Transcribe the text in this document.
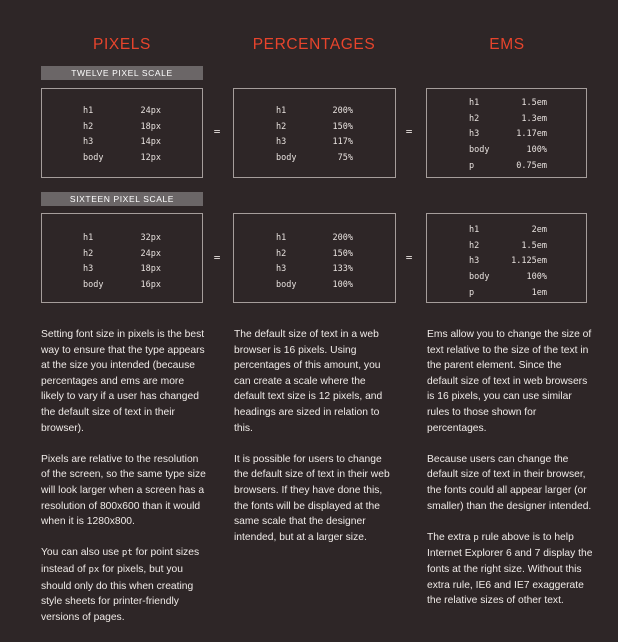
PIXELS	PERCENTAGES	EMS
TWELVE PIXEL SCALE
h1	24px
h2	18px
h3	14px
body	12px
=
h1	200%
h2	150%
h3	117%
body	75%
=
h1	1.5em
h2	1.3em
h3	1.17em
body	100%
p	0.75em
SIXTEEN PIXEL SCALE
h1	32px
h2	24px
h3	18px
body	16px
=
h1	200%
h2	150%
h3	133%
body	100%
=
h1	2em
h2	1.5em
h3	1.125em
body	100%
p	1em

Setting font size in pixels is the best way to ensure that the type appears at the size you intended (because percentages and ems are more likely to vary if a user has changed the default size of text in their browser).

Pixels are relative to the resolution of the screen, so the same type size will look larger when a screen has a resolution of 800x600 than it would when it is 1280x800.

You can also use pt for point sizes instead of px for pixels, but you should only do this when creating style sheets for printer-friendly versions of pages.

The default size of text in a web browser is 16 pixels. Using percentages of this amount, you can create a scale where the default text size is 12 pixels, and headings are sized in relation to this.

It is possible for users to change the default size of text in their web browsers. If they have done this, the fonts will be displayed at the same scale that the designer intended, but at a larger size.

Ems allow you to change the size of text relative to the size of the text in the parent element. Since the default size of text in web browsers is 16 pixels, you can use similar rules to those shown for percentages.

Because users can change the default size of text in their browser, the fonts could all appear larger (or smaller) than the designer intended.

The extra p rule above is to help Internet Explorer 6 and 7 display the fonts at the right size. Without this extra rule, IE6 and IE7 exaggerate the relative sizes of other text.
